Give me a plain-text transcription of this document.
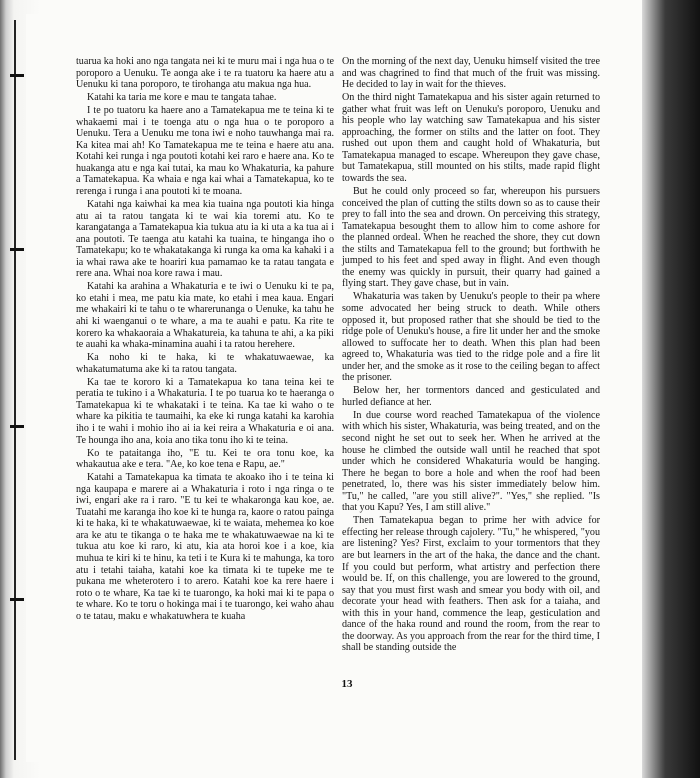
tuarua ka hoki ano nga tangata nei ki te muru mai i nga hua o te poroporo a Uenuku. Te aonga ake i te ra tuatoru ka haere atu a Uenuku ki tana poroporo, te tirohanga atu makua nga hua.

Katahi ka taria me kore e mau te tangata tahae.

I te po tuatoru ka haere ano a Tamatekapua me te teina ki te whakaemi mai i te toenga atu o nga hua o te poroporo a Uenuku. Tera a Uenuku me tona iwi e noho tauwhanga mai ra. Ka kitea mai ah! Ko Tamatekapua me te teina e haere atu ana. Kotahi kei runga i nga poutoti kotahi kei raro e haere ana. Ko te huakanga atu e nga kai tutai, ka mau ko Whakaturia, ka pahure a Tamatekapua. Ka whaia e nga kai whai a Tamatekapua, ko te rerenga i runga i ana poutoti ki te moana.

Katahi nga kaiwhai ka mea kia tuaina nga poutoti kia hinga atu ai ta ratou tangata ki te wai kia toremi atu. Ko te karangatanga a Tamatekapua kia tukua atu ia ki uta a ka tua ai i ana poutoti. Te taenga atu katahi ka tuaina, te hinganga iho o Tamatekapu; ko te whakatakanga ki runga ka oma ka kahaki i a ia whai rawa ake te hoariri kua pamamao ke ta ratau tangata e rere ana. Whai noa kore rawa i mau.

Katahi ka arahina a Whakaturia e te iwi o Uenuku ki te pa, ko etahi i mea, me patu kia mate, ko etahi i mea kaua. Engari me whakairi ki te tahu o te wharerunanga o Uenuke, ka tahu he ahi ki waenganui o te whare, a ma te auahi e patu. Ka rite te korero ka whakaoraia a Whakatureia, ka tahuna te ahi, a ka piki te auahi ka whaka-minamina auahi i ta ratou herehere.

Ka noho ki te haka, ki te whakatuwaewae, ka whakatumatuma ake ki ta ratou tangata.

Ka tae te kororo ki a Tamatekapua ko tana teina kei te peratia te tukino i a Whakaturia. I te po tuarua ko te haeranga o Tamatekapua ki te whakataki i te teina. Ka tae ki waho o te whare ka pikitia te taumaihi, ka eke ki runga katahi ka karohia iho i te wahi i mohio iho ai ia kei reira a Whakaturia e oi ana. Te hounga iho ana, koia ano tika tonu iho ki te teina.

Ko te pataitanga iho, "E tu. Kei te ora tonu koe, ka whakautua ake e tera. "Ae, ko koe tena e Rapu, ae."

Katahi a Tamatekapua ka timata te akoako iho i te teina ki nga kaupapa e marere ai a Whakaturia i roto i nga ringa o te iwi, engari ake ra i raro. "E tu kei te whakaronga kau koe, ae. Tuatahi me karanga iho koe ki te hunga ra, kaore o ratou painga ki te haka, ki te whakatuwaewae, ki te waiata, mehemea ko koe ara ke atu te tikanga o te haka me te whakatuwaewae na ki te tukua atu koe ki raro, ki atu, kia ata horoi koe i a koe, kia muhua te kiri ki te hinu, ka teti i te Kura ki te mahunga, ka toro atu i tetahi taiaha, katahi koe ka timata ki te tupeke me te pukana me wheterotero i to arero. Katahi koe ka rere haere i roto o te whare, Ka tae ki te tuarongo, ka hoki mai ki te papa o te whare. Ko te toru o hokinga mai i te tuarongo, kei waho ahau o te tatau, maku e whakatuwhera te kuaha

On the morning of the next day, Uenuku himself visited the tree and was chagrined to find that much of the fruit was missing. He decided to lay in wait for the thieves.

On the third night Tamatekapua and his sister again returned to gather what fruit was left on Uenuku's poroporo, Uenuku and his people who lay watching saw Tamatekapua and his sister approaching, the former on stilts and the latter on foot. They rushed out upon them and caught hold of Whakaturia, but Tamatekapua managed to escape. Whereupon they gave chase, but Tamatekapua, still mounted on his stilts, made rapid flight towards the sea.

But he could only proceed so far, whereupon his pursuers conceived the plan of cutting the stilts down so as to cause their prey to fall into the sea and drown. On perceiving this strategy, Tamatekapua besought them to allow him to come ashore for the planned ordeal. When he reached the shore, they cut down the stilts and Tamatekapua fell to the ground; but forthwith he jumped to his feet and sped away in flight. And even though the enemy was quickly in pursuit, their quarry had gained a flying start. They gave chase, but in vain.

Whakaturia was taken by Uenuku's people to their pa where some advocated her being struck to death. While others opposed it, but proposed rather that she should be tied to the ridge pole of Uenuku's house, a fire lit under her and the smoke allowed to suffocate her to death. When this plan had been agreed to, Whakaturia was tied to the ridge pole and a fire lit under her, and the smoke as it rose to the ceiling began to affect the prisoner.

Below her, her tormentors danced and gesticulated and hurled defiance at her.

In due course word reached Tamatekapua of the violence with which his sister, Whakaturia, was being treated, and on the second night he set out to seek her. When he arrived at the house he climbed the outside wall until he reached that spot under which he considered Whakaturia would be hanging. There he began to bore a hole and when the roof had been penetrated, lo, there was his sister immediately below him. "Tu," he called, "are you still alive?". "Yes," she replied. "Is that you Kapu? Yes, I am still alive."

Then Tamatekapua began to prime her with advice for effecting her release through cajolery. "Tu," he whispered, "you are listening? Yes? First, exclaim to your tormentors that they are but learners in the art of the haka, the dance and the chant. If you could but perform, what artistry and perfection there would be. If, on this challenge, you are lowered to the ground, say that you must first wash and smear you body with oil, and decorate your head with feathers. Then ask for a taiaha, and with this in your hand, commence the leap, gesticulation and dance of the haka round and round the room, from the rear to the doorway. As you approach from the rear for the third time, I shall be standing outside the

13
